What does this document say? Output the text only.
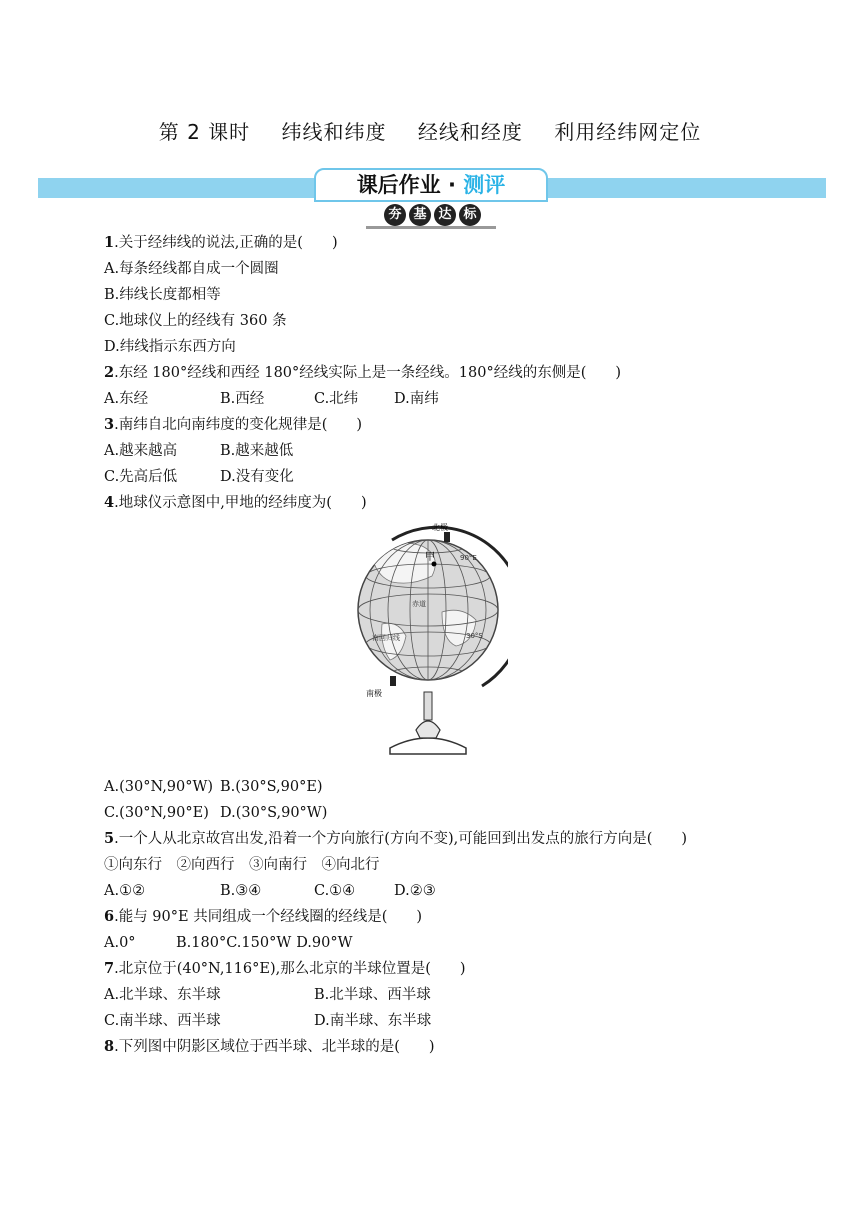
第 2 课时 纬线和纬度 经线和经度 利用经纬网定位
课后作业 · 测评
夯 基 达 标
1.关于经纬线的说法,正确的是(　　)
A.每条经线都自成一个圆圈
B.纬线长度都相等
C.地球仪上的经线有 360 条
D.纬线指示东西方向
2.东经 180°经线和西经 180°经线实际上是一条经线。180°经线的东侧是(　　)
A.东经	B.西经	C.北纬 D.南纬
3.南纬自北向南纬度的变化规律是(　　)
A.越来越高	B.越来越低
C.先高后低	D.没有变化
4.地球仪示意图中,甲地的经纬度为(　　)
甲
北极
南极
赤道
南回归线	30°S
90°E
A.(30°N,90°W) B.(30°S,90°E)
C.(30°N,90°E) D.(30°S,90°W)
5.一个人从北京故宫出发,沿着一个方向旅行(方向不变),可能回到出发点的旅行方向是(　　)
①向东行　②向西行　③向南行　④向北行
A.①②	B.③④	C.①④	D.②③
6.能与 90°E 共同组成一个经线圈的经线是(　　)
A.0°	B.180°C.150°W D.90°W
7.北京位于(40°N,116°E),那么北京的半球位置是(　　)
A.北半球、东半球	B.北半球、西半球
C.南半球、西半球	D.南半球、东半球
8.下列图中阴影区域位于西半球、北半球的是(　　)
